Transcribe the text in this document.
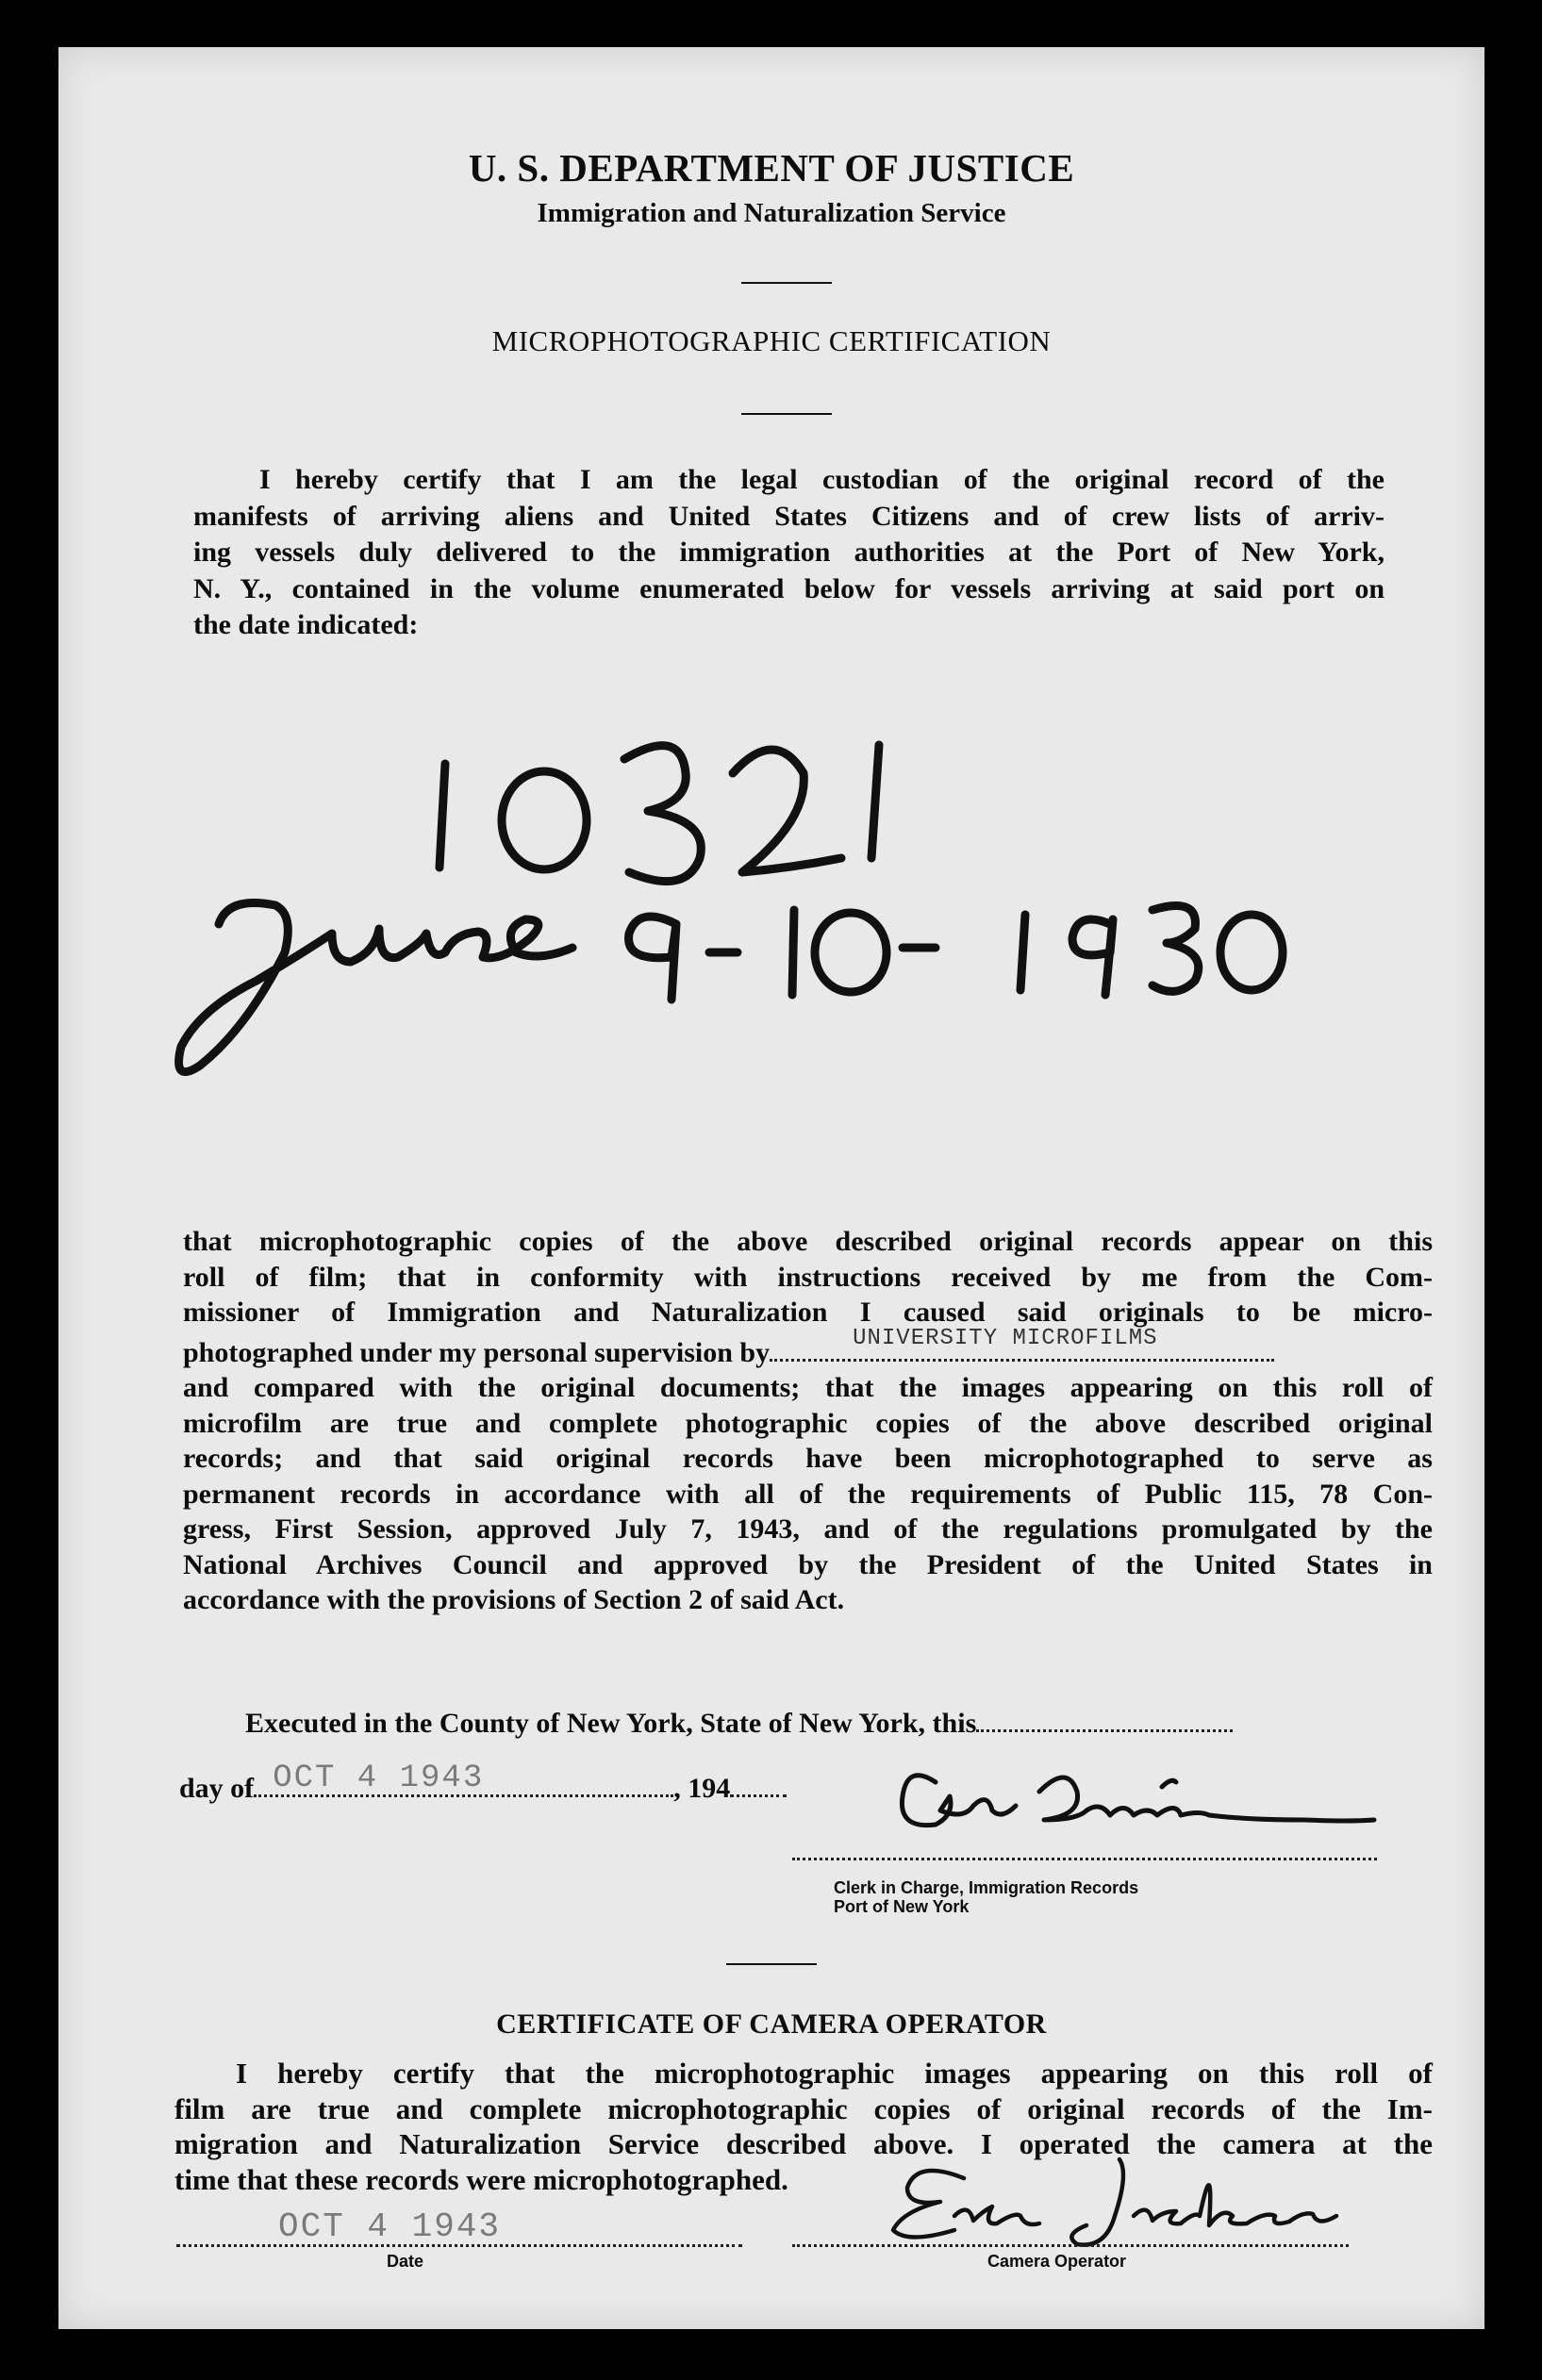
U. S. DEPARTMENT OF JUSTICE
Immigration and Naturalization Service
MICROPHOTOGRAPHIC CERTIFICATION
I hereby certify that I am the legal custodian of the original record of the
manifests of arriving aliens and United States Citizens and of crew lists of arriv-
ing vessels duly delivered to the immigration authorities at the Port of New York,
N. Y., contained in the volume enumerated below for vessels arriving at said port on
the date indicated:
that microphotographic copies of the above described original records appear on this
roll of film; that in conformity with instructions received by me from the Com-
missioner of Immigration and Naturalization I caused said originals to be micro-
photographed under my personal supervision by	UNIVERSITY MICROFILMS
and compared with the original documents; that the images appearing on this roll of
microfilm are true and complete photographic copies of the above described original
records; and that said original records have been microphotographed to serve as
permanent records in accordance with all of the requirements of Public 115, 78 Con-
gress, First Session, approved July 7, 1943, and of the regulations promulgated by the
National Archives Council and approved by the President of the United States in
accordance with the provisions of Section 2 of said Act.
Executed in the County of New York, State of New York, this
day of OCT 4 1943	, 194
Clerk in Charge, Immigration Records
Port of New York
CERTIFICATE OF CAMERA OPERATOR
I hereby certify that the microphotographic images appearing on this roll of
film are true and complete microphotographic copies of original records of the Im-
migration and Naturalization Service described above. I operated the camera at the
time that these records were microphotographed.
OCT 4 1943
Date	Camera Operator
